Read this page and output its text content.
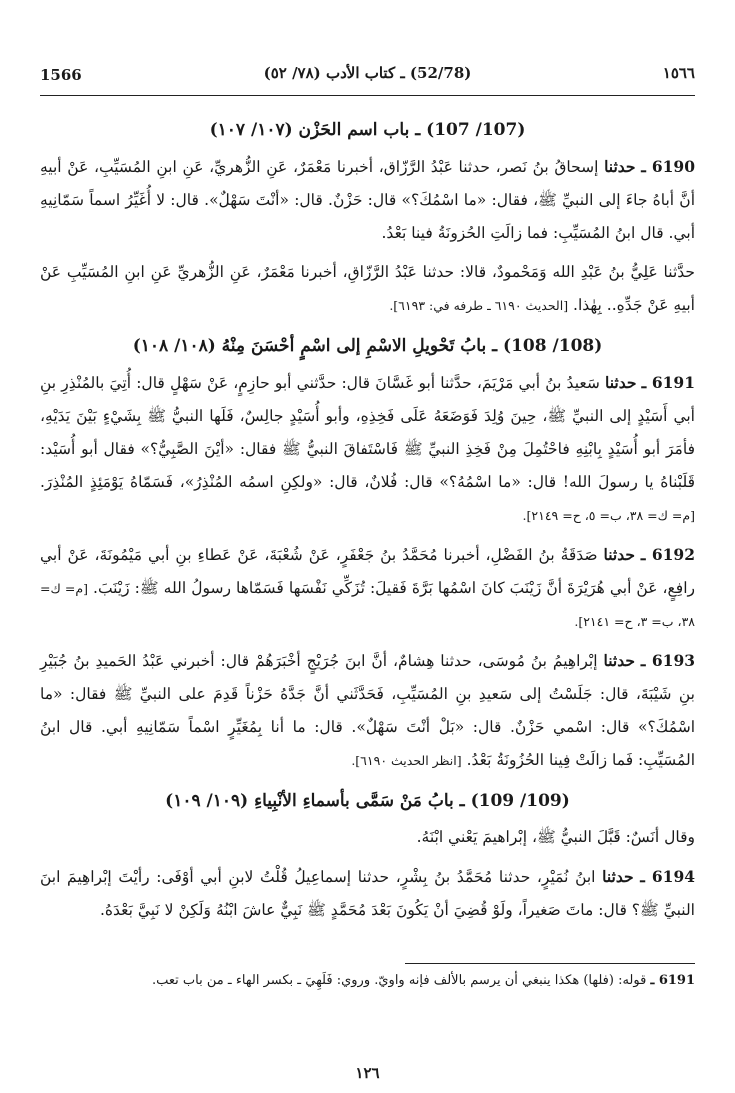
1566	(52/78) ـ كتاب الأدب (٧٨/ ٥٢)	١٥٦٦
(107/ 107) ـ باب اسم الحَزْن (١٠٧/ ١٠٧)

6190 ـ حدثنا إسحاقُ بنُ نَصر، حدثنا عَبْدُ الرَّزّاق، أخبرنا مَعْمَرٌ، عَنِ الزُّهريِّ، عَنِ ابنِ المُسَيِّبِ، عَنْ أبيهِ أنَّ أباهُ جاءَ إلى النبيِّ ﷺ، فقال: «ما اسْمُكَ؟» قال: حَزْنٌ. قال: «أنْتَ سَهْلٌ». قال: لا أُغَيِّرُ اسماً سَمّانِيهِ أبي. قال ابنُ المُسَيِّبِ: فما زالَتِ الحُزونَةُ فينا بَعْدُ.

حدَّثنا عَلِيُّ بنُ عَبْدِ الله وَمَحْمودٌ، قالا: حدثنا عَبْدُ الرَّزّاقِ، أخبرنا مَعْمَرٌ، عَنِ الزُّهريِّ عَنِ ابنِ المُسَيِّبِ عَنْ أبيهِ عَنْ جَدِّهِ.. بِهٰذا. [الحديث ٦١٩٠ ـ طرفه في: ٦١٩٣].

(108/ 108) ـ بابُ تَحْويلِ الاسْمِ إلى اسْمٍ أحْسَنَ مِنْهُ (١٠٨/ ١٠٨)

6191 ـ حدثنا سَعيدُ بنُ أبي مَرْيَمَ، حدَّثنا أبو غَسَّانَ قال: حدَّثني أبو حازِمٍ، عَنْ سَهْلٍ قال: أُتِيَ بالمُنْذِرِ بنِ أبي أَسَيْدٍ إلى النبيِّ ﷺ، حِينَ وُلِدَ فَوَضَعَهُ عَلَى فَخِذِهِ، وأبو أُسَيْدٍ جالِسٌ، فَلَها النبيُّ ﷺ بِشَيْءٍ بَيْنَ يَدَيْهِ، فأمَرَ أبو أُسَيْدٍ بِابْنِهِ فاحْتُمِلَ مِنْ فَخِذِ النبيِّ ﷺ فَاسْتَفاقَ النبيُّ ﷺ فقال: «أيْنَ الصَّبِيُّ؟» فقال أبو أُسَيْد: قَلَبْناهُ يا رسولَ الله! قال: «ما اسْمُهُ؟» قال: فُلانٌ، قال: «ولكِنِ اسمُه المُنْذِرُ»، فَسَمّاهُ يَوْمَئِذٍ المُنْذِرَ. [م= ك= ٣٨، ب= ٥، ح= ٢١٤٩].

6192 ـ حدثنا صَدَقَةُ بنُ الفَضْلِ، أخبرنا مُحَمَّدُ بنُ جَعْفَرٍ، عَنْ شُعْبَةَ، عَنْ عَطاءِ بنِ أبي مَيْمُونَةَ، عَنْ أبي رافِعٍ، عَنْ أبي هُرَيْرَةَ أنَّ زَيْنَبَ كانَ اسْمُها بَرَّةَ فَقيلَ: تُزَكِّي نَفْسَها فَسَمّاها رسولُ الله ﷺ: زَيْنَبَ. [م= ك= ٣٨، ب= ٣، ح= ٢١٤١].

6193 ـ حدثنا إبْراهِيمُ بنُ مُوسَى، حدثنا هِشامٌ، أنَّ ابنَ جُرَيْجٍ أخْبَرَهُمْ قال: أخبرني عَبْدُ الحَميدِ بنُ جُبَيْرِ بنِ شَيْبَةَ، قال: جَلَسْتُ إلى سَعيدِ بنِ المُسَيِّبِ، فَحَدَّثَني أنَّ جَدَّهُ حَزْناً قَدِمَ على النبيِّ ﷺ فقال: «ما اسْمُكَ؟» قال: اسْمي حَزْنٌ. قال: «بَلْ أنْتَ سَهْلٌ». قال: ما أنا بِمُغَيِّرٍ اسْماً سَمّانِيهِ أبي. قال ابنُ المُسَيِّبِ: فَما زالَتْ فِينا الحُزُونَةُ بَعْدُ. [انظر الحديث ٦١٩٠].

(109/ 109) ـ بابُ مَنْ سَمَّى بأسماءِ الأنْبِياءِ (١٠٩/ ١٠٩)

وقال أنَسٌ: قَبَّلَ النبيُّ ﷺ، إبْراهيمَ يَعْني ابْنَهُ.

6194 ـ حدثنا ابنُ نُمَيْرٍ، حدثنا مُحَمَّدُ بنُ بِشْرٍ، حدثنا إسماعِيلُ قُلْتُ لابنِ أبي أوْفَى: رأيْتَ إبْراهِيمَ ابنَ النبيِّ ﷺ؟ قال: ماتَ صَغيراً، ولَوْ قُضِيَ أنْ يَكُونَ بَعْدَ مُحَمَّدٍ ﷺ نَبِيٌّ عاشَ ابْنُهُ وَلَكِنْ لا نَبِيَّ بَعْدَهُ.

6191 ـ قوله: (فلها) هكذا ينبغي أن يرسم بالألف فإنه واويّ. وروي: فَلَهِيَ ـ بكسر الهاء ـ من باب تعب.
١٢٦
